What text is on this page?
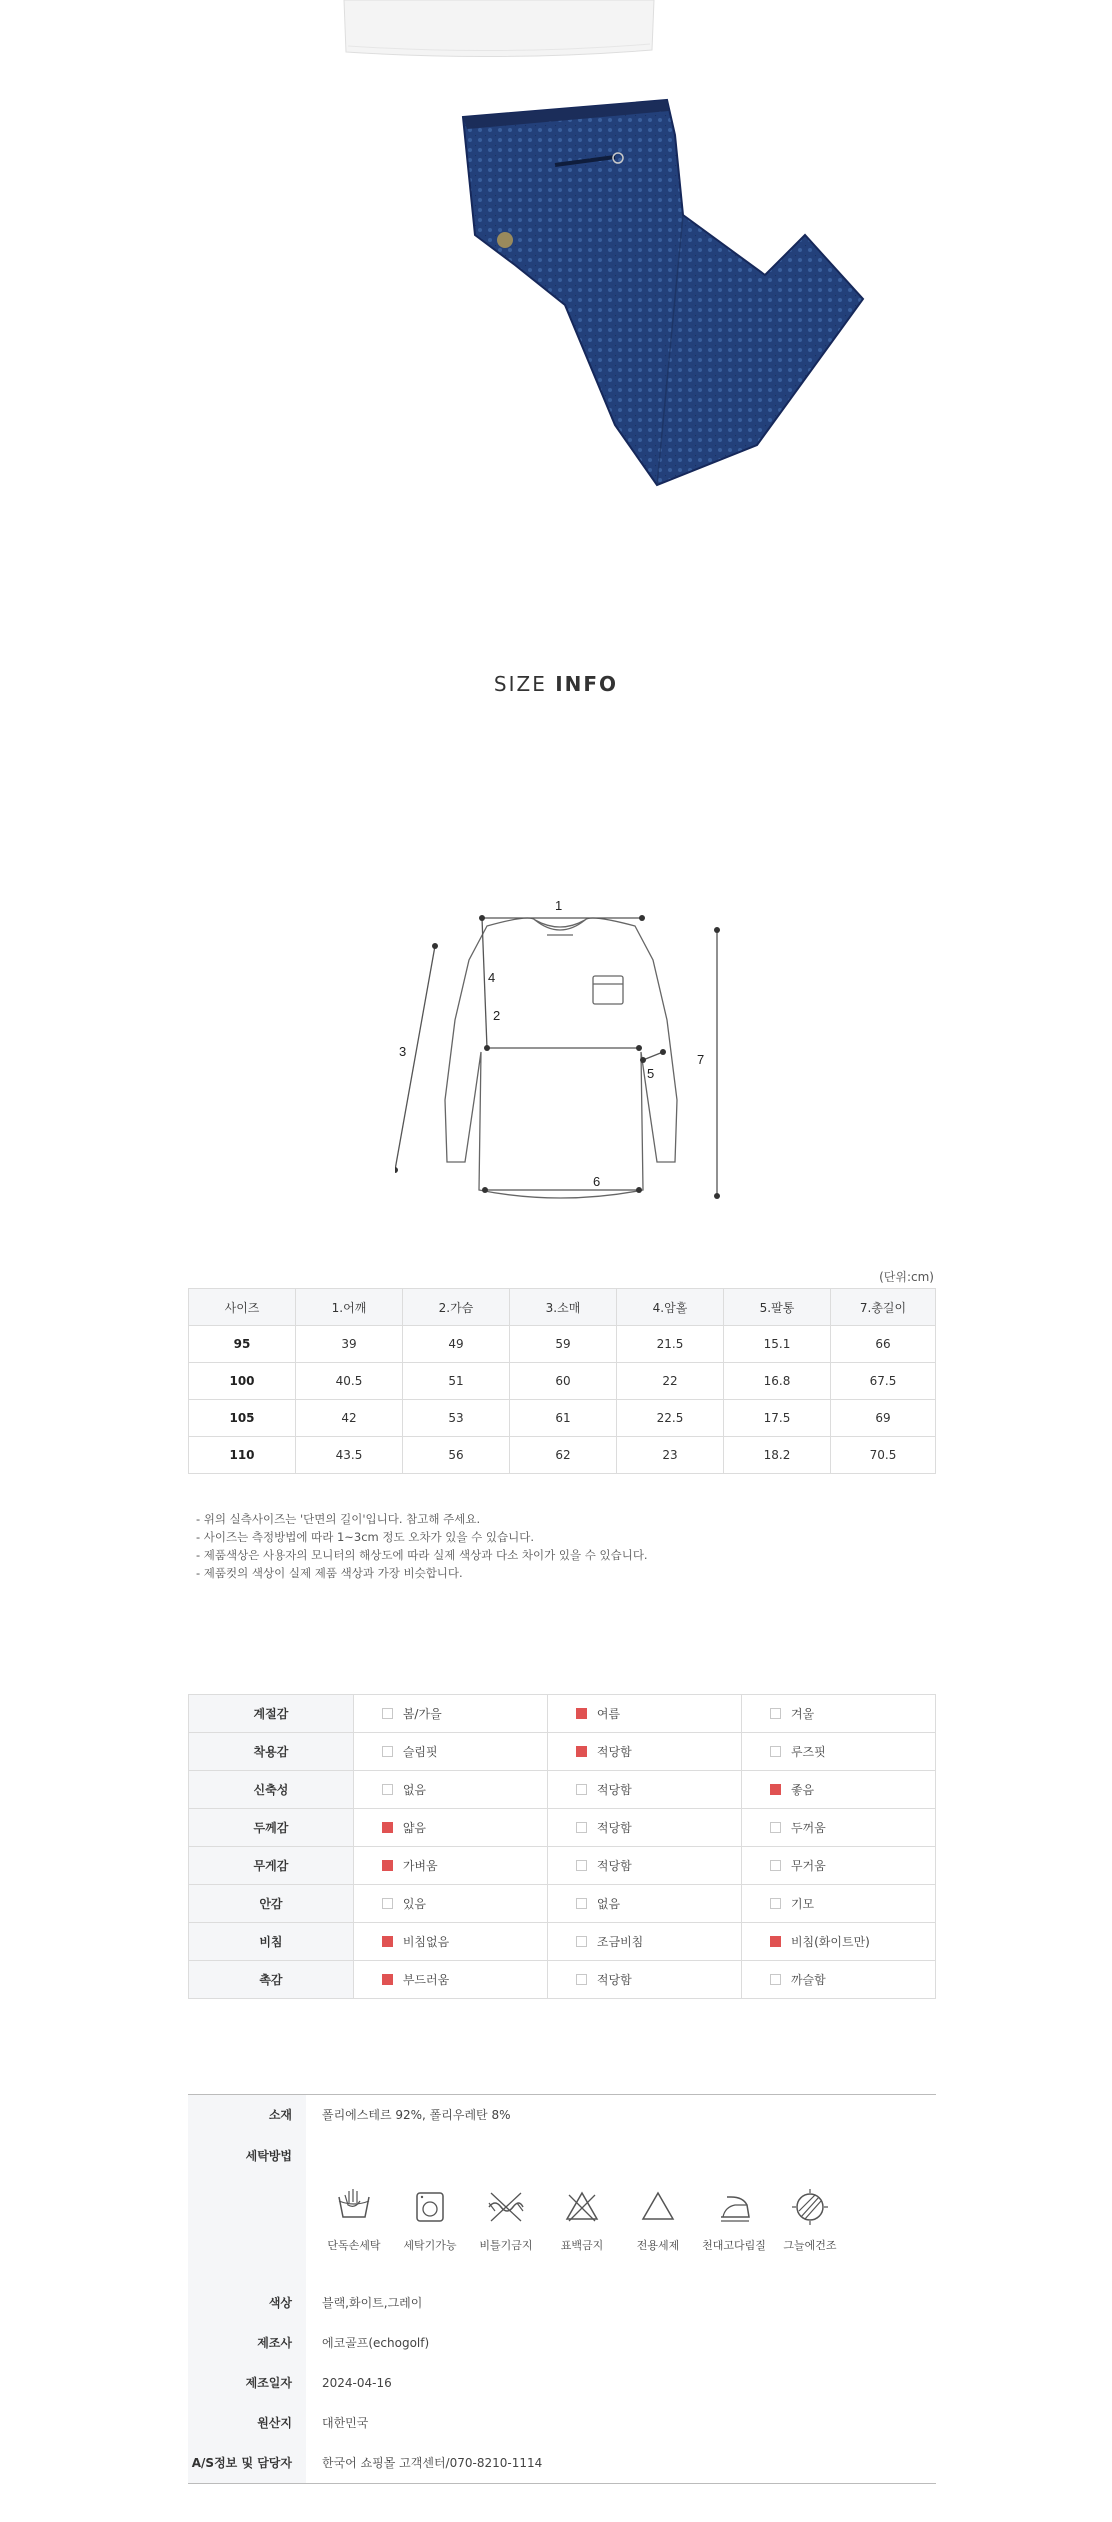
SIZE INFO
1
2
3
4
5
6
7
(단위:cm)
사이즈	1.어깨	2.가슴	3.소매	4.암홀	5.팔통	7.총길이
95	39	49	59	21.5	15.1	66
100	40.5	51	60	22	16.8	67.5
105	42	53	61	22.5	17.5	69
110	43.5	56	62	23	18.2	70.5
- 위의 실측사이즈는 '단면의 길이'입니다. 참고해 주세요.
- 사이즈는 측정방법에 따라 1~3cm 정도 오차가 있을 수 있습니다.
- 제품색상은 사용자의 모니터의 해상도에 따라 실제 색상과 다소 차이가 있을 수 있습니다.
- 제품컷의 색상이 실제 제품 색상과 가장 비슷합니다.
계절감	봄/가을	여름	겨울
착용감	슬림핏	적당함	루즈핏
신축성	없음	적당함	좋음
두께감	얇음	적당함	두꺼움
무게감	가벼움	적당함	무거움
안감	있음	없음	기모
비침	비침없음	조금비침	비침(화이트만)
촉감	부드러움	적당함	까슬함
소재	폴리에스테르 92%, 폴리우레탄 8%
세탁방법
단독손세탁	세탁기가능	비틀기금지	표백금지	전용세제	천대고다림질	그늘에건조
색상	블랙,화이트,그레이
제조사	에코골프(echogolf)
제조일자	2024-04-16
원산지	대한민국
A/S정보 및 담당자	한국어 쇼핑몰 고객센터/070-8210-1114
